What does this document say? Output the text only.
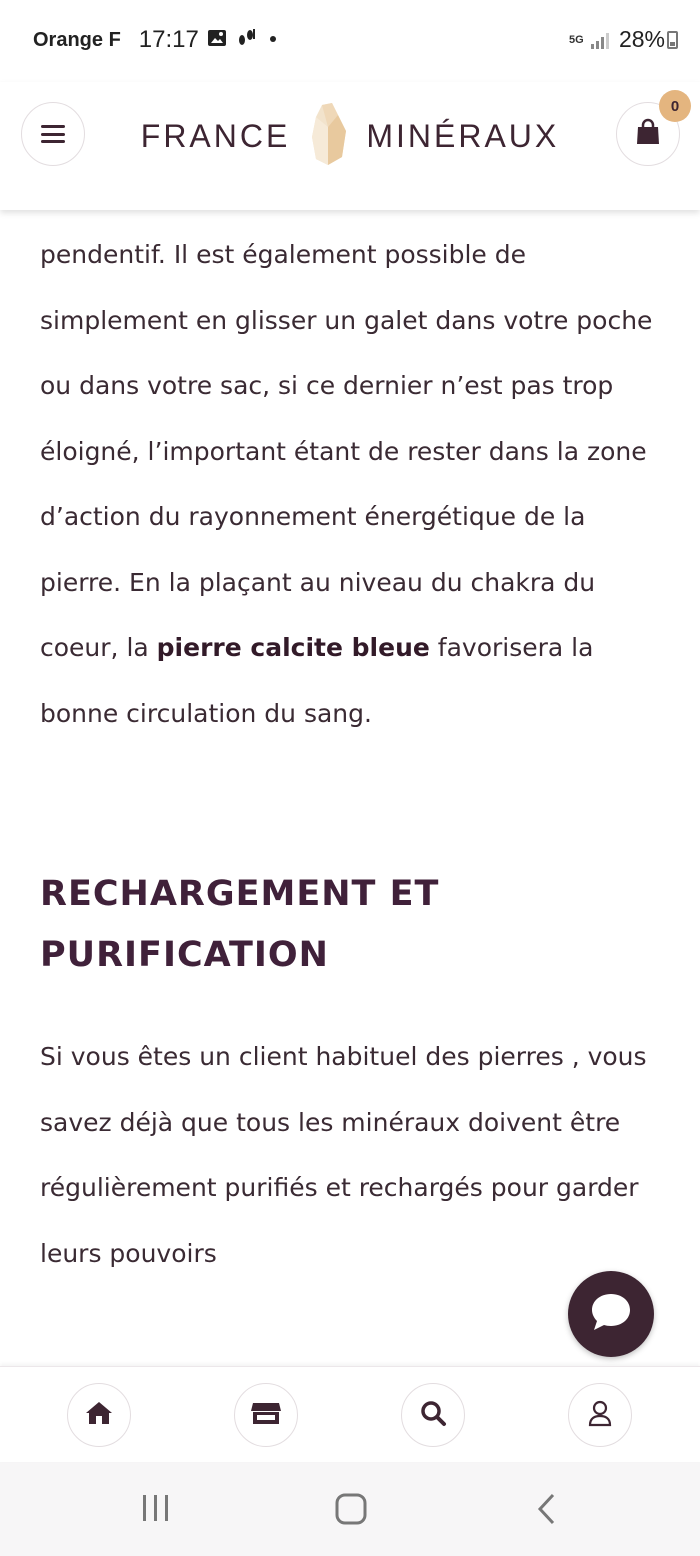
Orange F 17:17	5G 28%
FRANCE MINÉRAUX
0

pendentif. Il est également possible de simplement en glisser un galet dans votre poche ou dans votre sac, si ce dernier n’est pas trop éloigné, l’important étant de rester dans la zone d’action du rayonnement énergétique de la pierre. En la plaçant au niveau du chakra du coeur, la pierre calcite bleue favorisera la bonne circulation du sang.

RECHARGEMENT ET PURIFICATION

Si vous êtes un client habituel des pierres , vous savez déjà que tous les minéraux doivent être régulièrement purifiés et rechargés pour garder leurs pouvoirs
